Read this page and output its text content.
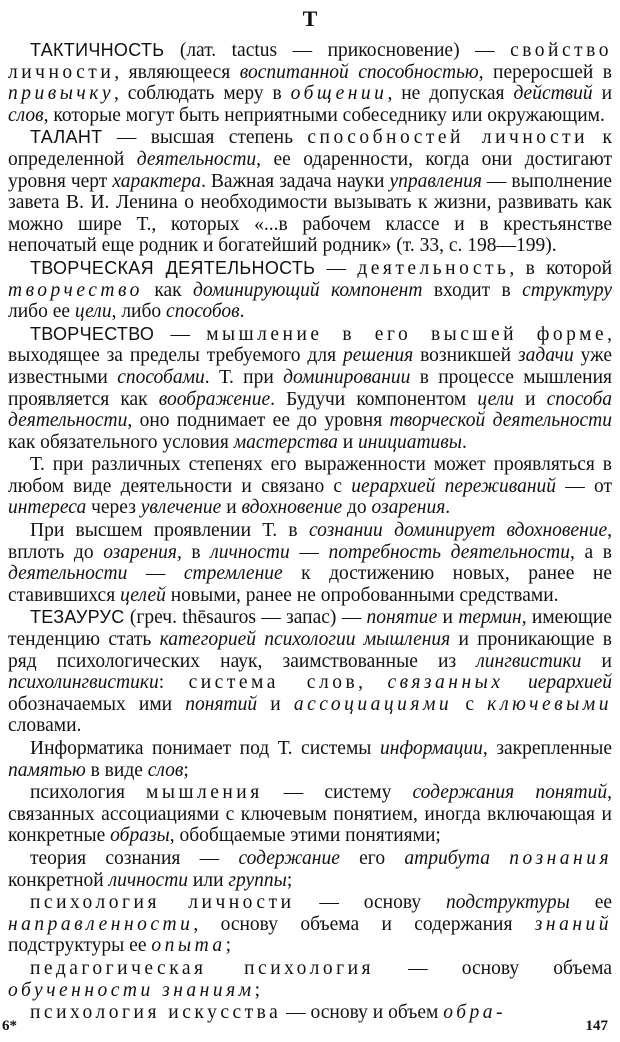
Т

ТАКТИЧНОСТЬ (лат. tactus — прикосновение) — свойство личности, являющееся воспитанной способностью, переросшей в привычку, соблюдать меру в общении, не допуская действий и слов, которые могут быть неприятными собеседнику или окружающим.

ТАЛАНТ — высшая степень способностей личности к определенной деятельности, ее одаренности, когда они достигают уровня черт характера. Важная задача науки управления — выполнение завета В. И. Ленина о необходимости вызывать к жизни, развивать как можно шире Т., которых «...в рабочем классе и в крестьянстве непочатый еще родник и богатейший родник» (т. 33, с. 198—199).

ТВОРЧЕСКАЯ ДЕЯТЕЛЬНОСТЬ — деятельность, в которой творчество как доминирующий компонент входит в структуру либо ее цели, либо способов.

ТВОРЧЕСТВО — мышление в его высшей форме, выходящее за пределы требуемого для решения возникшей задачи уже известными способами. Т. при доминировании в процессе мышления проявляется как воображение. Будучи компонентом цели и способа деятельности, оно поднимает ее до уровня творческой деятельности как обязательного условия мастерства и инициативы.

Т. при различных степенях его выраженности может проявляться в любом виде деятельности и связано с иерархией переживаний — от интереса через увлечение и вдохновение до озарения.

При высшем проявлении Т. в сознании доминирует вдохновение, вплоть до озарения, в личности — потребность деятельности, а в деятельности — стремление к достижению новых, ранее не ставившихся целей новыми, ранее не опробованными средствами.

ТЕЗАУРУС (греч. thēsauros — запас) — понятие и термин, имеющие тенденцию стать категорией психологии мышления и проникающие в ряд психологических наук, заимствованные из лингвистики и психолингвистики: система слов, связанных иерархией обозначаемых ими понятий и ассоциациями с ключевыми словами.

Информатика понимает под Т. системы информации, закрепленные памятью в виде слов;

психология мышления — систему содержания понятий, связанных ассоциациями с ключевым понятием, иногда включающая и конкретные образы, обобщаемые этими понятиями;

теория сознания — содержание его атрибута познания конкретной личности или группы;

психология личности — основу подструктуры ее направленности, основу объема и содержания знаний подструктуры ее опыта;

педагогическая психология — основу объема обученности знаниям;

психология искусства — основу и объем обра-

6*	147
